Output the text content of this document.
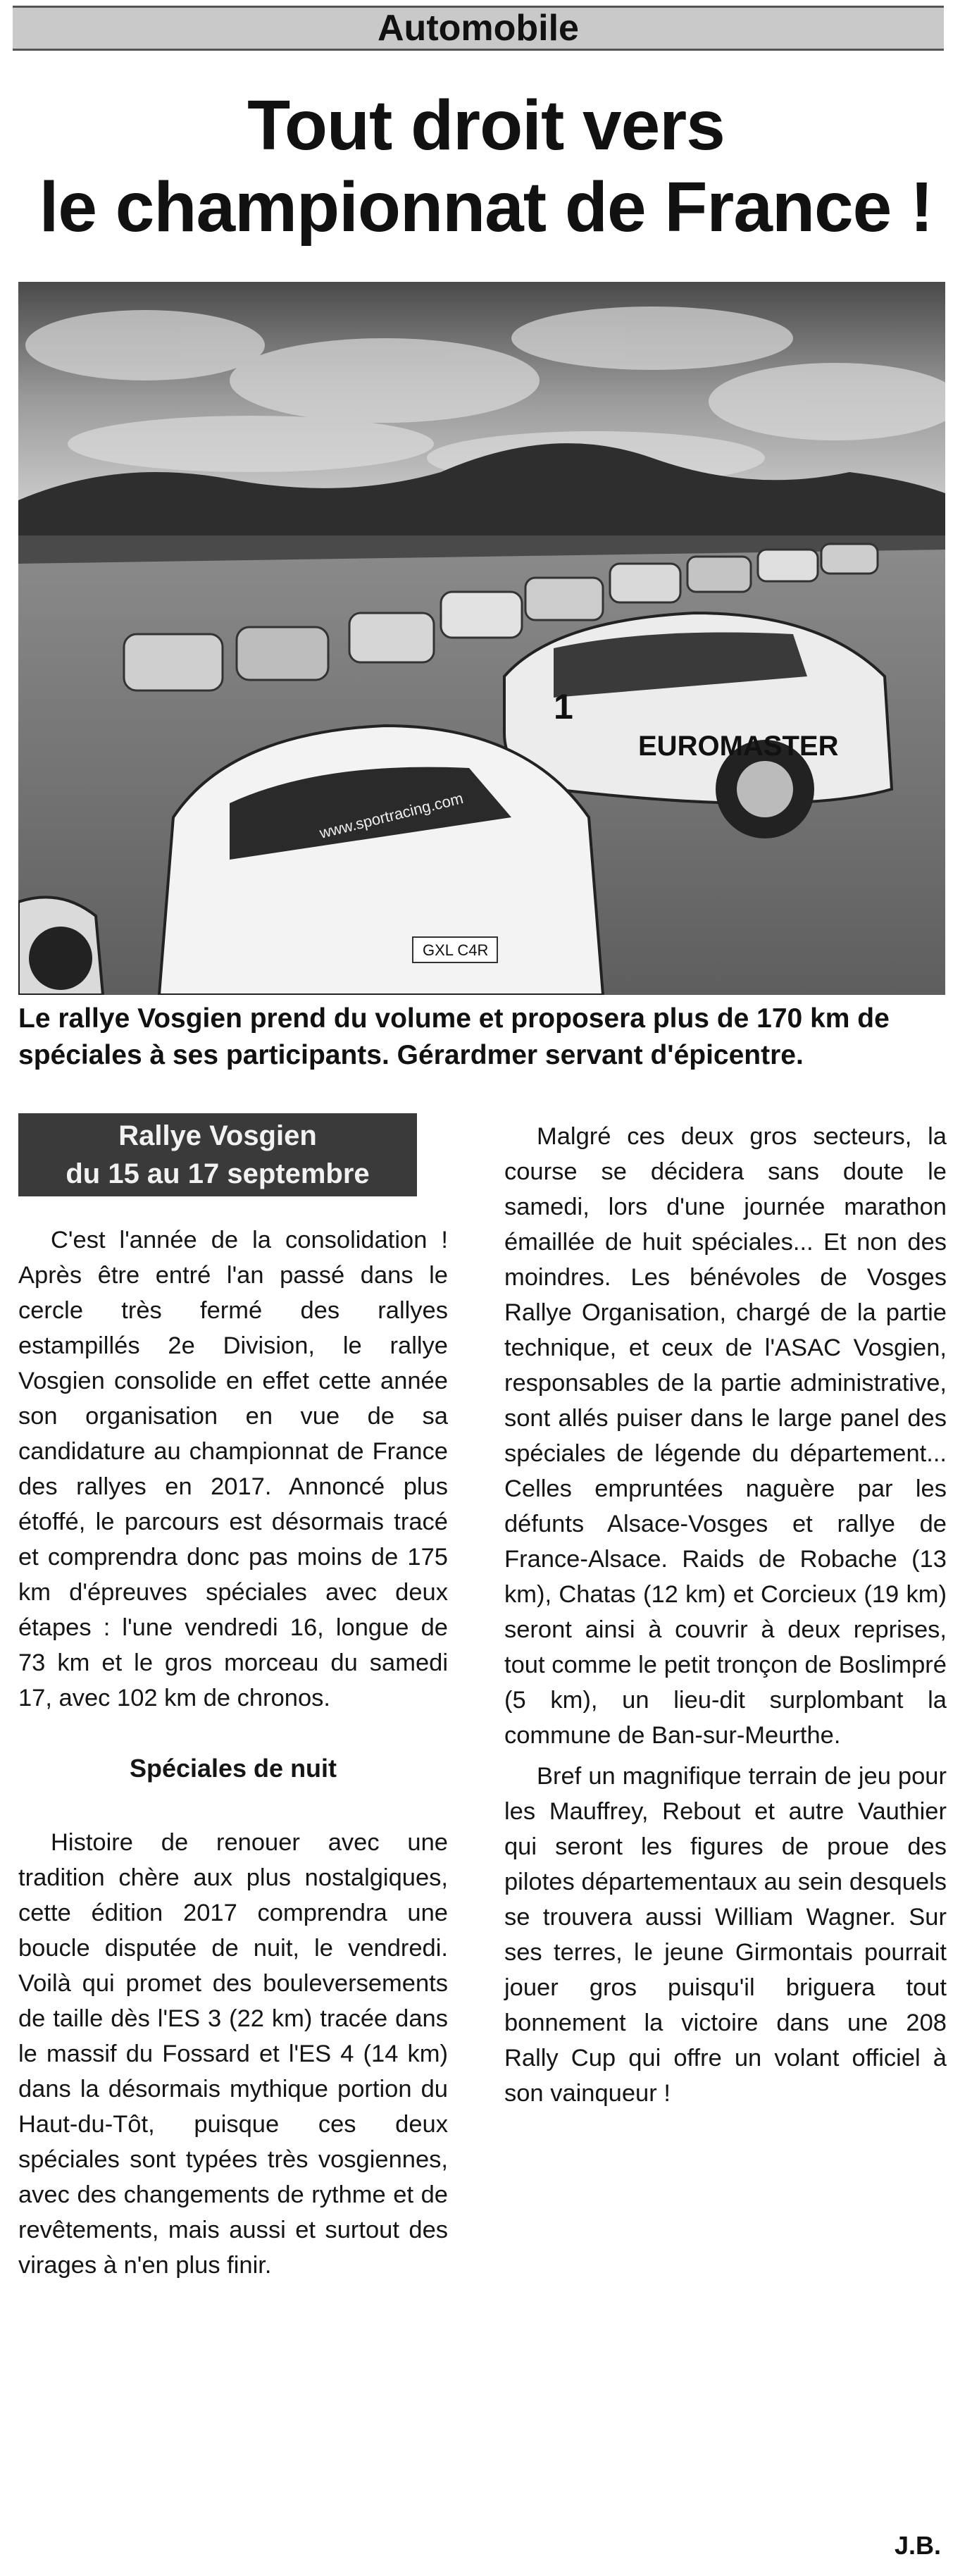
Automobile
Tout droit vers
le championnat de France !
EUROMASTER
1
www.sportracing.com
GXL C4R
Le rallye Vosgien prend du volume et proposera plus de 170 km de spéciales à ses participants. Gérardmer servant d'épicentre.
Rallye Vosgien
du 15 au 17 septembre

C'est l'année de la consolidation ! Après être entré l'an passé dans le cercle très fermé des rallyes estampillés 2e Division, le rallye Vosgien consolide en effet cette année son organisation en vue de sa candidature au championnat de France des rallyes en 2017. Annoncé plus étoffé, le parcours est désormais tracé et comprendra donc pas moins de 175 km d'épreuves spéciales avec deux étapes : l'une vendredi 16, longue de 73 km et le gros morceau du samedi 17, avec 102 km de chronos.

Spéciales de nuit

Histoire de renouer avec une tradition chère aux plus nostalgiques, cette édition 2017 comprendra une boucle disputée de nuit, le vendredi. Voilà qui promet des bouleversements de taille dès l'ES 3 (22 km) tracée dans le massif du Fossard et l'ES 4 (14 km) dans la désormais mythique portion du Haut-du-Tôt, puisque ces deux spéciales sont typées très vosgiennes, avec des changements de rythme et de revêtements, mais aussi et surtout des virages à n'en plus finir.

Malgré ces deux gros secteurs, la course se décidera sans doute le samedi, lors d'une journée marathon émaillée de huit spéciales... Et non des moindres. Les bénévoles de Vosges Rallye Organisation, chargé de la partie technique, et ceux de l'ASAC Vosgien, responsables de la partie administrative, sont allés puiser dans le large panel des spéciales de légende du département... Celles empruntées naguère par les défunts Alsace-Vosges et rallye de France-Alsace. Raids de Robache (13 km), Chatas (12 km) et Corcieux (19 km) seront ainsi à couvrir à deux reprises, tout comme le petit tronçon de Boslimpré (5 km), un lieu-dit surplombant la commune de Ban-sur-Meurthe.

Bref un magnifique terrain de jeu pour les Mauffrey, Rebout et autre Vauthier qui seront les figures de proue des pilotes départementaux au sein desquels se trouvera aussi William Wagner. Sur ses terres, le jeune Girmontais pourrait jouer gros puisqu'il briguera tout bonnement la victoire dans une 208 Rally Cup qui offre un volant officiel à son vainqueur !

J.B.
